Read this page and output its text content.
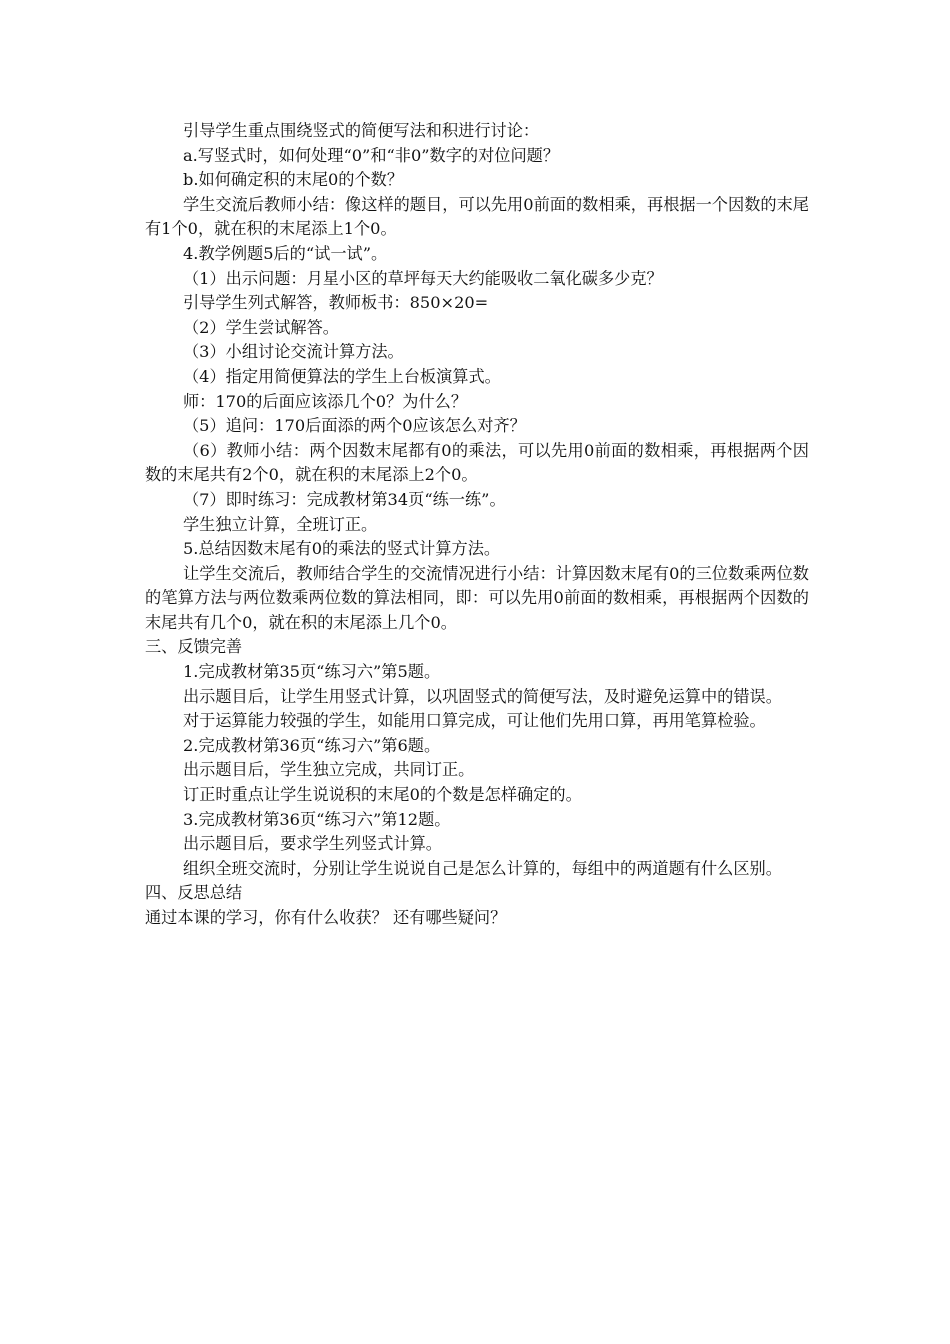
引导学生重点围绕竖式的简便写法和积进行讨论：

a.写竖式时，如何处理“0”和“非0”数字的对位问题？

b.如何确定积的末尾0的个数？

学生交流后教师小结：像这样的题目，可以先用0前面的数相乘，再根据一个因数的末尾有1个0，就在积的末尾添上1个0。

4.教学例题5后的“试一试”。

（1）出示问题：月星小区的草坪每天大约能吸收二氧化碳多少克？

引导学生列式解答，教师板书：850×20=

（2）学生尝试解答。

（3）小组讨论交流计算方法。

（4）指定用简便算法的学生上台板演算式。

师：170的后面应该添几个0？为什么？

（5）追问：170后面添的两个0应该怎么对齐？

（6）教师小结：两个因数末尾都有0的乘法，可以先用0前面的数相乘，再根据两个因数的末尾共有2个0，就在积的末尾添上2个0。

（7）即时练习：完成教材第34页“练一练”。

学生独立计算，全班订正。

5.总结因数末尾有0的乘法的竖式计算方法。

让学生交流后，教师结合学生的交流情况进行小结：计算因数末尾有0的三位数乘两位数的笔算方法与两位数乘两位数的算法相同，即：可以先用0前面的数相乘，再根据两个因数的末尾共有几个0，就在积的末尾添上几个0。

三、反馈完善

1.完成教材第35页“练习六”第5题。

出示题目后，让学生用竖式计算，以巩固竖式的简便写法，及时避免运算中的错误。

对于运算能力较强的学生，如能用口算完成，可让他们先用口算，再用笔算检验。

2.完成教材第36页“练习六”第6题。

出示题目后，学生独立完成，共同订正。

订正时重点让学生说说积的末尾0的个数是怎样确定的。

3.完成教材第36页“练习六”第12题。

出示题目后，要求学生列竖式计算。

组织全班交流时，分别让学生说说自己是怎么计算的，每组中的两道题有什么区别。

四、反思总结

通过本课的学习，你有什么收获？ 还有哪些疑问？
